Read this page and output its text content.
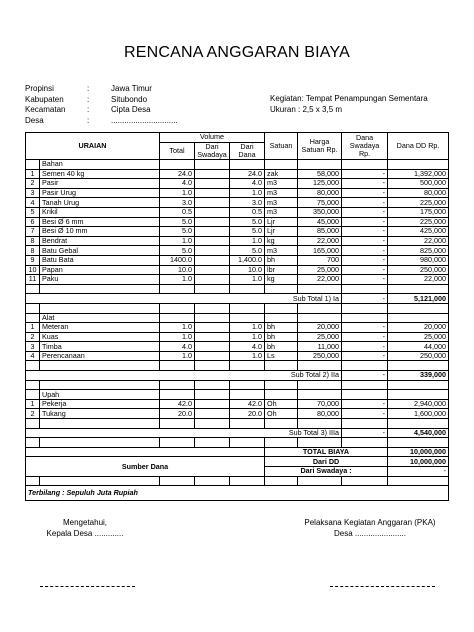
RENCANA ANGGARAN BIAYA
Propinsi	:	Jawa Timur
Kabupaten	:	Situbondo
Kecamatan	:	Cipta Desa
Desa	:	..............................
Kegiatan: Tempat Penampungan Sementara
Ukuran : 2,5 x 3,5 m
URAIAN		Volume			Satuan	Harga Satuan Rp.	Dana Swadaya Rp.	Dana DD Rp.
		Total	Dari Swadaya	Dari Dana				
	Bahan							
1	Semen 40 kg	24.0		24.0	zak	58,000	-	1,392,000
2	Pasir	4.0		4.0	m3	125,000	-	500,000
3	Pasir Urug	1.0		1.0	m3	80,000	-	80,000
4	Tanah Urug	3.0		3.0	m3	75,000	-	225,000
5	Krikil	0.5		0.5	m3	350,000	-	175,000
6	Besi Ø 6 mm	5.0		5.0	Ljr	45,000	-	225,000
7	Besi Ø 10 mm	5.0		5.0	Ljr	85,000	-	425,000
8	Bendrat	1.0		1.0	kg	22,000	-	22,000
8	Batu Gebal	5.0		5.0	m3	165,000	-	825,000
9	Batu Bata	1400.0		1,400.0	bh	700	-	980,000
10	Papan	10.0		10.0	lbr	25,000	-	250,000
11	Paku	1.0		1.0	kg	22,000	-	22,000

Sub Total 1) Ia							-	5,121,000

	Alat							
1	Meteran	1.0		1.0	bh	20,000	-	20,000
2	Kuas	1.0		1.0	bh	25,000	-	25,000
3	Timba	4.0		4.0	bh	11,000	-	44,000
4	Perencanaan	1.0		1.0	Ls	250,000	-	250,000

Sub Total 2) IIa							-	339,000

	Upah							
1	Pekerja	42.0		42.0	Oh	70,000	-	2,940,000
2	Tukang	20.0		20.0	Oh	80,000	-	1,600,000

Sub Total 3) IIIa							-	4,540,000

					TOTAL BIAYA			10,000,000
Sumber Dana					Dari DD			10,000,000
					Dari Swadaya :			-

Terbilang : Sepuluh Juta Rupiah								
Mengetahui,
Kepala Desa .............
Pelaksana Kegiatan Anggaran (PKA)
Desa .......................
